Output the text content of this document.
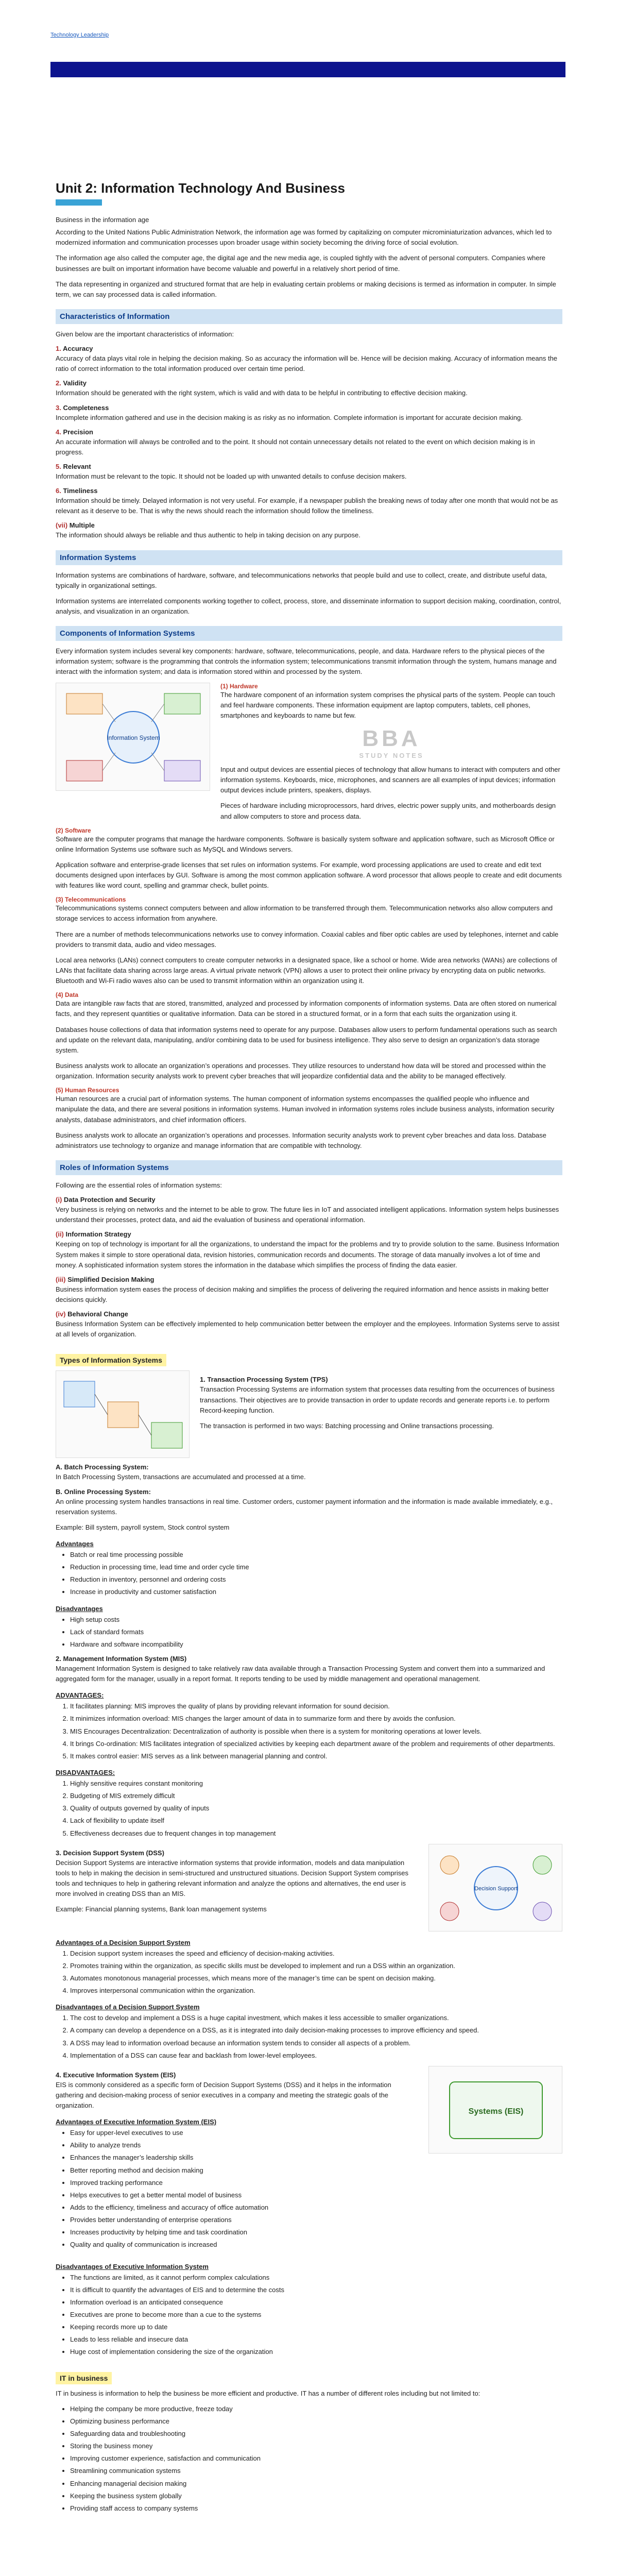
Technology Leadership
Unit 2: Information Technology And Business

Business in the information age

According to the United Nations Public Administration Network, the information age was formed by capitalizing on computer microminiaturization advances, which led to modernized information and communication processes upon broader usage within society becoming the driving force of social evolution.

The information age also called the computer age, the digital age and the new media age, is coupled tightly with the advent of personal computers. Companies where businesses are built on important information have become valuable and powerful in a relatively short period of time.

The data representing in organized and structured format that are help in evaluating certain problems or making decisions is termed as information in computer. In simple term, we can say processed data is called information.

Characteristics of Information

Given below are the important characteristics of information:

1. Accuracy

Accuracy of data plays vital role in helping the decision making. So as accuracy the information will be. Hence will be decision making. Accuracy of information means the ratio of correct information to the total information produced over certain time period.

2. Validity

Information should be generated with the right system, which is valid and with data to be helpful in contributing to effective decision making.

3. Completeness

Incomplete information gathered and use in the decision making is as risky as no information. Complete information is important for accurate decision making.

4. Precision

An accurate information will always be controlled and to the point. It should not contain unnecessary details not related to the event on which decision making is in progress.

5. Relevant

Information must be relevant to the topic. It should not be loaded up with unwanted details to confuse decision makers.

6. Timeliness

Information should be timely. Delayed information is not very useful. For example, if a newspaper publish the breaking news of today after one month that would not be as relevant as it deserve to be. That is why the news should reach the information should follow the timeliness.

(vii) Multiple

The information should always be reliable and thus authentic to help in taking decision on any purpose.

Information Systems

Information systems are combinations of hardware, software, and telecommunications networks that people build and use to collect, create, and distribute useful data, typically in organizational settings.

Information systems are interrelated components working together to collect, process, store, and disseminate information to support decision making, coordination, control, analysis, and visualization in an organization.

Components of Information Systems

Every information system includes several key components: hardware, software, telecommunications, people, and data. Hardware refers to the physical pieces of the information system; software is the programming that controls the information system; telecommunications transmit information through the system, humans manage and interact with the information system; and data is information stored within and processed by the system.

Information System
(1) Hardware

The hardware component of an information system comprises the physical parts of the system. People can touch and feel hardware components. These information equipment are laptop computers, tablets, cell phones, smartphones and keyboards to name but few.

BBA
STUDY NOTES

Input and output devices are essential pieces of technology that allow humans to interact with computers and other information systems. Keyboards, mice, microphones, and scanners are all examples of input devices; information output devices include printers, speakers, displays.

Pieces of hardware including microprocessors, hard drives, electric power supply units, and motherboards design and allow computers to store and process data.

(2) Software

Software are the computer programs that manage the hardware components. Software is basically system software and application software, such as Microsoft Office or online Information Systems use software such as MySQL and Windows servers.

Application software and enterprise-grade licenses that set rules on information systems. For example, word processing applications are used to create and edit text documents designed upon interfaces by GUI. Software is among the most common application software. A word processor that allows people to create and edit documents with features like word count, spelling and grammar check, bullet points.

(3) Telecommunications

Telecommunications systems connect computers between and allow information to be transferred through them. Telecommunication networks also allow computers and storage services to access information from anywhere.

There are a number of methods telecommunications networks use to convey information. Coaxial cables and fiber optic cables are used by telephones, internet and cable providers to transmit data, audio and video messages.

Local area networks (LANs) connect computers to create computer networks in a designated space, like a school or home. Wide area networks (WANs) are collections of LANs that facilitate data sharing across large areas. A virtual private network (VPN) allows a user to protect their online privacy by encrypting data on public networks. Bluetooth and Wi-Fi radio waves also can be used to transmit information within an organization using it.

(4) Data

Data are intangible raw facts that are stored, transmitted, analyzed and processed by information components of information systems. Data are often stored on numerical facts, and they represent quantities or qualitative information. Data can be stored in a structured format, or in a form that each suits the organization using it.

Databases house collections of data that information systems need to operate for any purpose. Databases allow users to perform fundamental operations such as search and update on the relevant data, manipulating, and/or combining data to be used for business intelligence. They also serve to design an organization’s data storage system.

Business analysts work to allocate an organization’s operations and processes. They utilize resources to understand how data will be stored and processed within the organization. Information security analysts work to prevent cyber breaches that will jeopardize confidential data and the ability to be managed effectively.

(5) Human Resources

Human resources are a crucial part of information systems. The human component of information systems encompasses the qualified people who influence and manipulate the data, and there are several positions in information systems. Human involved in information systems roles include business analysts, information security analysts, database administrators, and chief information officers.

Business analysts work to allocate an organization’s operations and processes. Information security analysts work to prevent cyber breaches and data loss. Database administrators use technology to organize and manage information that are compatible with technology.

Roles of Information Systems

Following are the essential roles of information systems:

(i) Data Protection and Security

Very business is relying on networks and the internet to be able to grow. The future lies in IoT and associated intelligent applications. Information system helps businesses understand their processes, protect data, and aid the evaluation of business and operational information.

(ii) Information Strategy

Keeping on top of technology is important for all the organizations, to understand the impact for the problems and try to provide solution to the same. Business Information System makes it simple to store operational data, revision histories, communication records and documents. The storage of data manually involves a lot of time and money. A sophisticated information system stores the information in the database which simplifies the process of finding the data easier.

(iii) Simplified Decision Making

Business information system eases the process of decision making and simplifies the process of delivering the required information and hence assists in making better decisions quickly.

(iv) Behavioral Change

Business Information System can be effectively implemented to help communication better between the employer and the employees. Information Systems serve to assist at all levels of organization.

Types of Information Systems
1. Transaction Processing System (TPS)

Transaction Processing Systems are information system that processes data resulting from the occurrences of business transactions. Their objectives are to provide transaction in order to update records and generate reports i.e. to perform Record-keeping function.

The transaction is performed in two ways: Batching processing and Online transactions processing.

A. Batch Processing System:

In Batch Processing System, transactions are accumulated and processed at a time.

B. Online Processing System:

An online processing system handles transactions in real time. Customer orders, customer payment information and the information is made available immediately, e.g., reservation systems.

Example: Bill system, payroll system, Stock control system

Advantages
• Batch or real time processing possible
• Reduction in processing time, lead time and order cycle time
• Reduction in inventory, personnel and ordering costs
• Increase in productivity and customer satisfaction
Disadvantages
• High setup costs
• Lack of standard formats
• Hardware and software incompatibility
2. Management Information System (MIS)

Management Information System is designed to take relatively raw data available through a Transaction Processing System and convert them into a summarized and aggregated form for the manager, usually in a report format. It reports tending to be used by middle management and operational management.

ADVANTAGES:
1. It facilitates planning: MIS improves the quality of plans by providing relevant information for sound decision.
2. It minimizes information overload: MIS changes the larger amount of data in to summarize form and there by avoids the confusion.
3. MIS Encourages Decentralization: Decentralization of authority is possible when there is a system for monitoring operations at lower levels.
4. It brings Co-ordination: MIS facilitates integration of specialized activities by keeping each department aware of the problem and requirements of other departments.
5. It makes control easier: MIS serves as a link between managerial planning and control.
DISADVANTAGES:
1. Highly sensitive requires constant monitoring
2. Budgeting of MIS extremely difficult
3. Quality of outputs governed by quality of inputs
4. Lack of flexibility to update itself
5. Effectiveness decreases due to frequent changes in top management
3. Decision Support System (DSS)

Decision Support Systems are interactive information systems that provide information, models and data manipulation tools to help in making the decision in semi-structured and unstructured situations. Decision Support System comprises tools and techniques to help in gathering relevant information and analyze the options and alternatives, the end user is more involved in creating DSS than an MIS.

Example: Financial planning systems, Bank loan management systems

Decision Support
Advantages of a Decision Support System
1. Decision support system increases the speed and efficiency of decision-making activities.
2. Promotes training within the organization, as specific skills must be developed to implement and run a DSS within an organization.
3. Automates monotonous managerial processes, which means more of the manager’s time can be spent on decision making.
4. Improves interpersonal communication within the organization.
Disadvantages of a Decision Support System
1. The cost to develop and implement a DSS is a huge capital investment, which makes it less accessible to smaller organizations.
2. A company can develop a dependence on a DSS, as it is integrated into daily decision-making processes to improve efficiency and speed.
3. A DSS may lead to information overload because an information system tends to consider all aspects of a problem.
4. Implementation of a DSS can cause fear and backlash from lower-level employees.
4. Executive Information System (EIS)

EIS is commonly considered as a specific form of Decision Support Systems (DSS) and it helps in the information gathering and decision-making process of senior executives in a company and meeting the strategic goals of the organization.

Advantages of Executive Information System (EIS)
• Easy for upper-level executives to use
• Ability to analyze trends
• Enhances the manager’s leadership skills
• Better reporting method and decision making
• Improved tracking performance
• Helps executives to get a better mental model of business
• Adds to the efficiency, timeliness and accuracy of office automation
• Provides better understanding of enterprise operations
• Increases productivity by helping time and task coordination
• Quality and quality of communication is increased
Systems (EIS)
Disadvantages of Executive Information System
• The functions are limited, as it cannot perform complex calculations
• It is difficult to quantify the advantages of EIS and to determine the costs
• Information overload is an anticipated consequence
• Executives are prone to become more than a cue to the systems
• Keeping records more up to date
• Leads to less reliable and insecure data
• Huge cost of implementation considering the size of the organization
IT in business

IT in business is information to help the business be more efficient and productive. IT has a number of different roles including but not limited to:

• Helping the company be more productive, freeze today
• Optimizing business performance
• Safeguarding data and troubleshooting
• Storing the business money
• Improving customer experience, satisfaction and communication
• Streamlining communication systems
• Enhancing managerial decision making
• Keeping the business system globally
• Providing staff access to company systems
